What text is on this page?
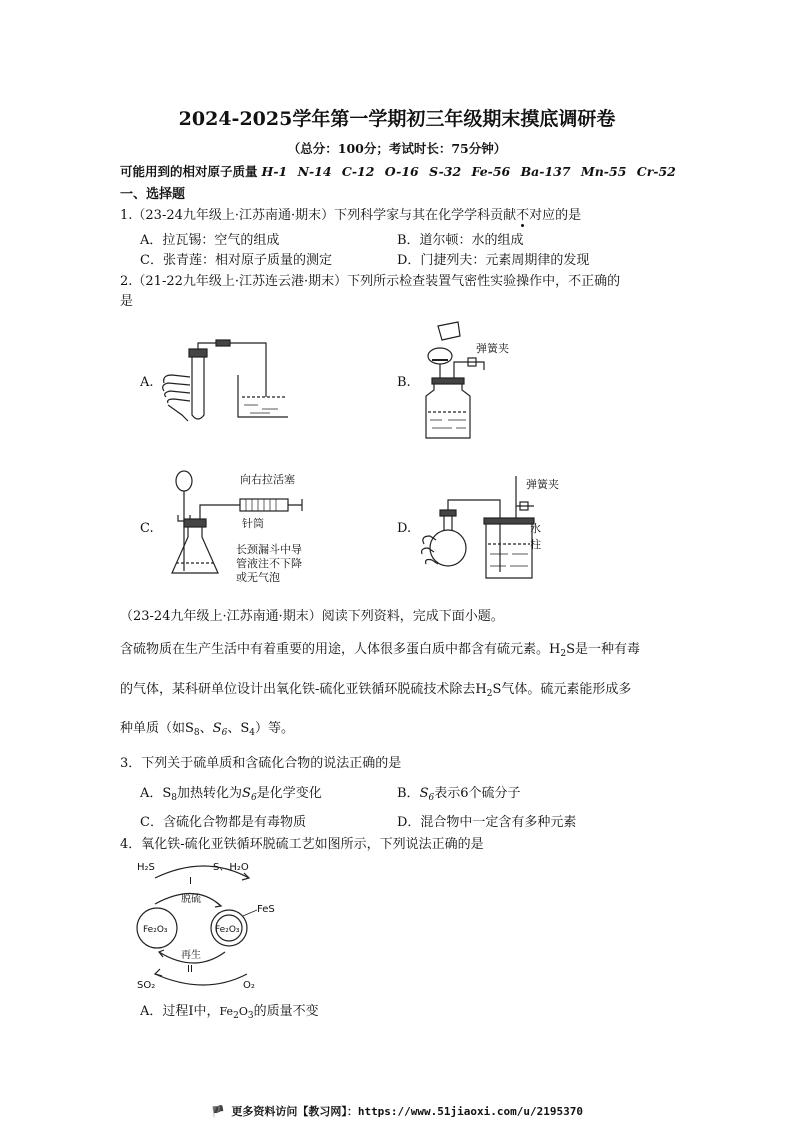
2024-2025学年第一学期初三年级期末摸底调研卷
（总分：100分；考试时长：75分钟）
可能用到的相对原子质量 H-1 N-14 C-12 O-16 S-32 Fe-56 Ba-137 Mn-55 Cr-52
一、选择题
1.（23-24九年级上·江苏南通·期末）下列科学家与其在化学学科贡献不对应的是
A．拉瓦锡：空气的组成	B．道尔顿：水的组成
C．张青莲：相对原子质量的测定	D．门捷列夫：元素周期律的发现
2.（21-22九年级上·江苏连云港·期末）下列所示检查装置气密性实验操作中，不正确的
是
A.	B.
C.	D.
弹簧夹
向右拉活塞
针筒
长颈漏斗中导
管液注不下降
或无气泡
弹簧夹
水
柱
（23-24九年级上·江苏南通·期末）阅读下列资料，完成下面小题。
含硫物质在生产生活中有着重要的用途，人体很多蛋白质中都含有硫元素。$H_2S$是一种有毒
的气体，某科研单位设计出氧化铁-硫化亚铁循环脱硫技术除去$H_2S$气体。硫元素能形成多
种单质（如$S_8$、$S_6$、$S_4$）等。
3．下列关于硫单质和含硫化合物的说法正确的是
A．$S_8$加热转化为$S_6$是化学变化	B．$S_6$表示6个硫分子
C．含硫化合物都是有毒物质	D．混合物中一定含有多种元素
4．氧化铁-硫化亚铁循环脱硫工艺如图所示，下列说法正确的是
H₂S	S、H₂O
I
脱硫
Fe₂O₃	Fe₂O₃
FeS
再生
II
SO₂	O₂
A．过程Ⅰ中，$Fe_2O_3$的质量不变
🏴 更多资料访问【教习网】：https://www.51jiaoxi.com/u/2195370
